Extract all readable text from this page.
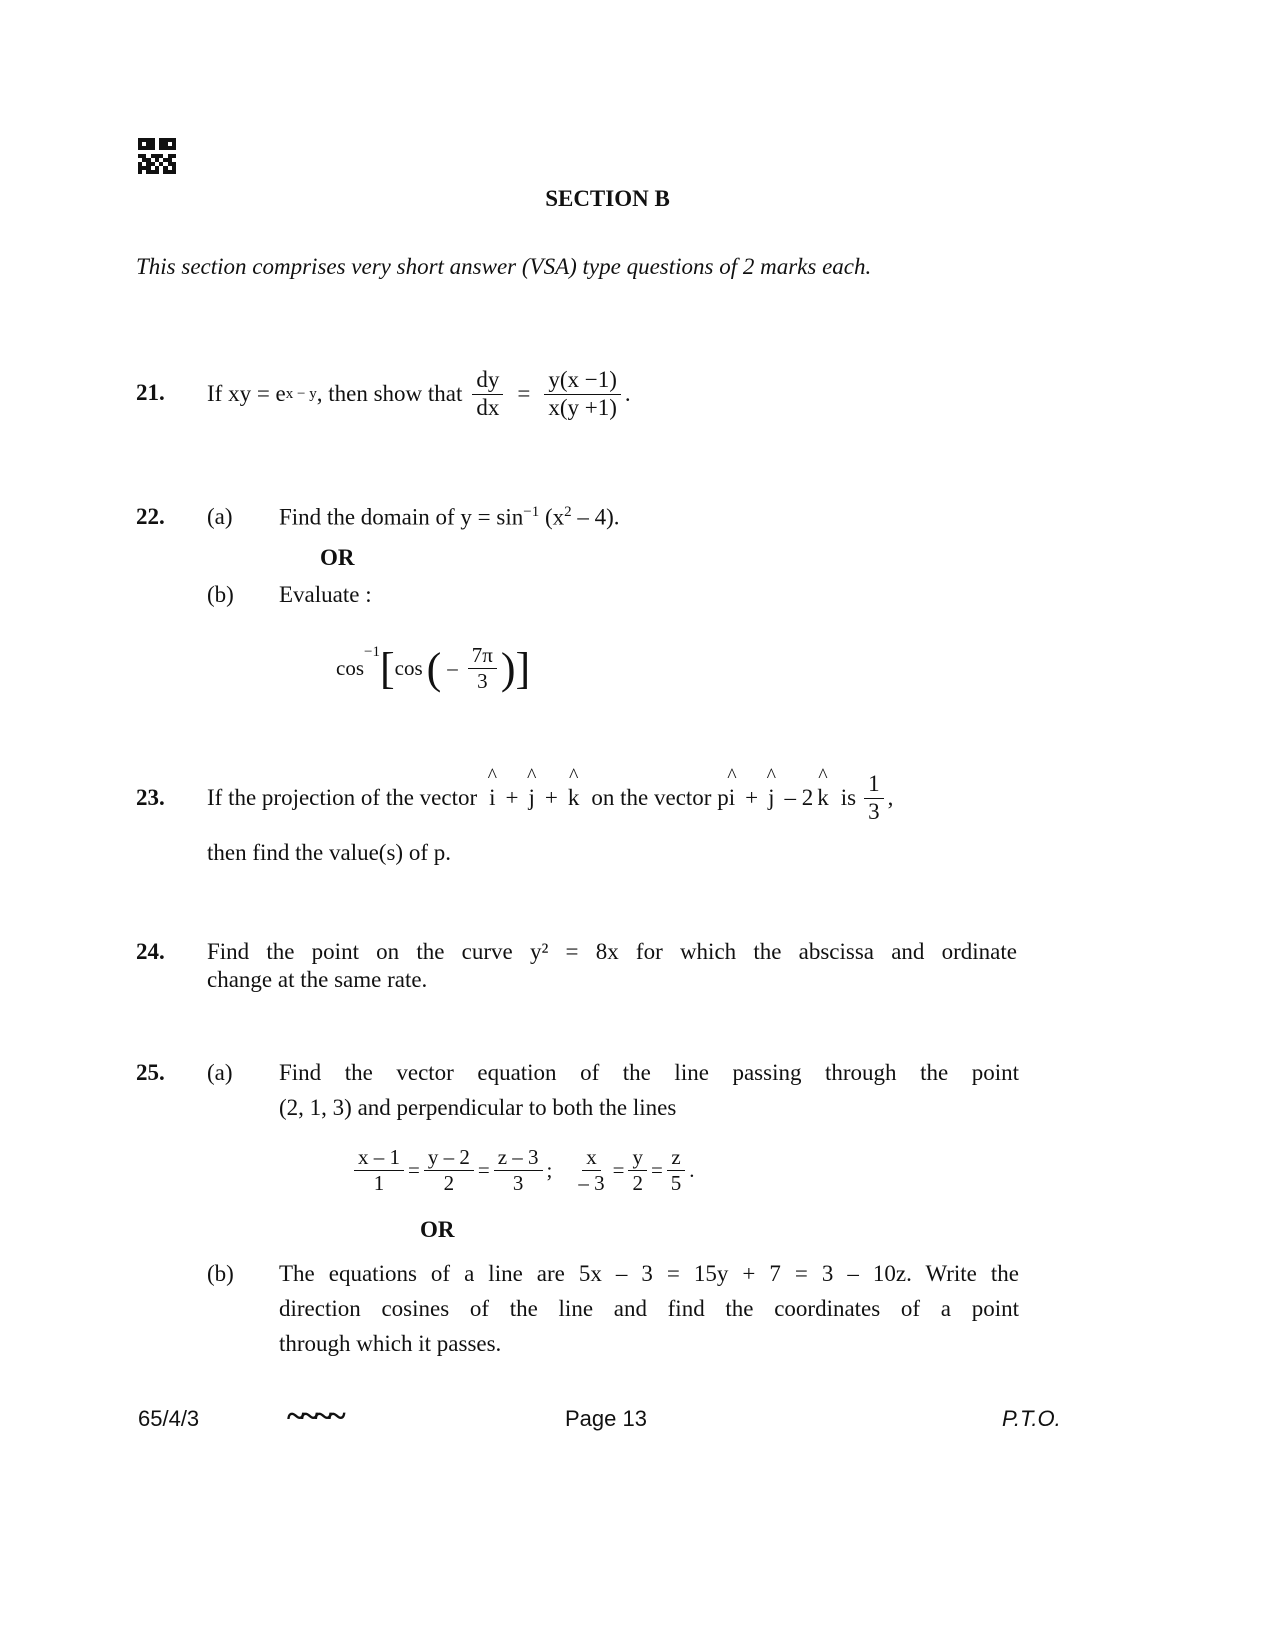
SECTION B
This section comprises very short answer (VSA) type questions of 2 marks each.
21. If xy = e x − y , then show that $\frac{dy}{dx} = \frac{y(x -1)}{x(y +1)}$ .
22. (a) Find the domain of $y = \sin^{-1} (x^2 - 4)$.
OR
(b) Evaluate :
cos
$^{-1}$ [ cos ( – $\frac{7\pi}{3}$ ) ]
23. If the projection of the vector ^ i + ^ j + ^ k on the vector p ^ i + ^ j – 2 ^ k is $\frac{1}{3}$ ,
then find the value(s) of p.
24. Find the point on the curve y² = 8x for which the abscissa and ordinate
change at the same rate.
25. (a) Find the vector equation of the line passing through the point
(2, 1, 3) and perpendicular to both the lines
$\frac{x - 1}{1} = \frac{y - 2}{2} = \frac{z - 3}{3}$ ; $\frac{x}{- 3} = \frac{y}{2} = \frac{z}{5}$ .
OR
(b) The equations of a line are 5x – 3 = 15y + 7 = 3 – 10z. Write the
direction cosines of the line and find the coordinates of a point
through which it passes.
65/4/3	~~~~	Page 13	P.T.O.
